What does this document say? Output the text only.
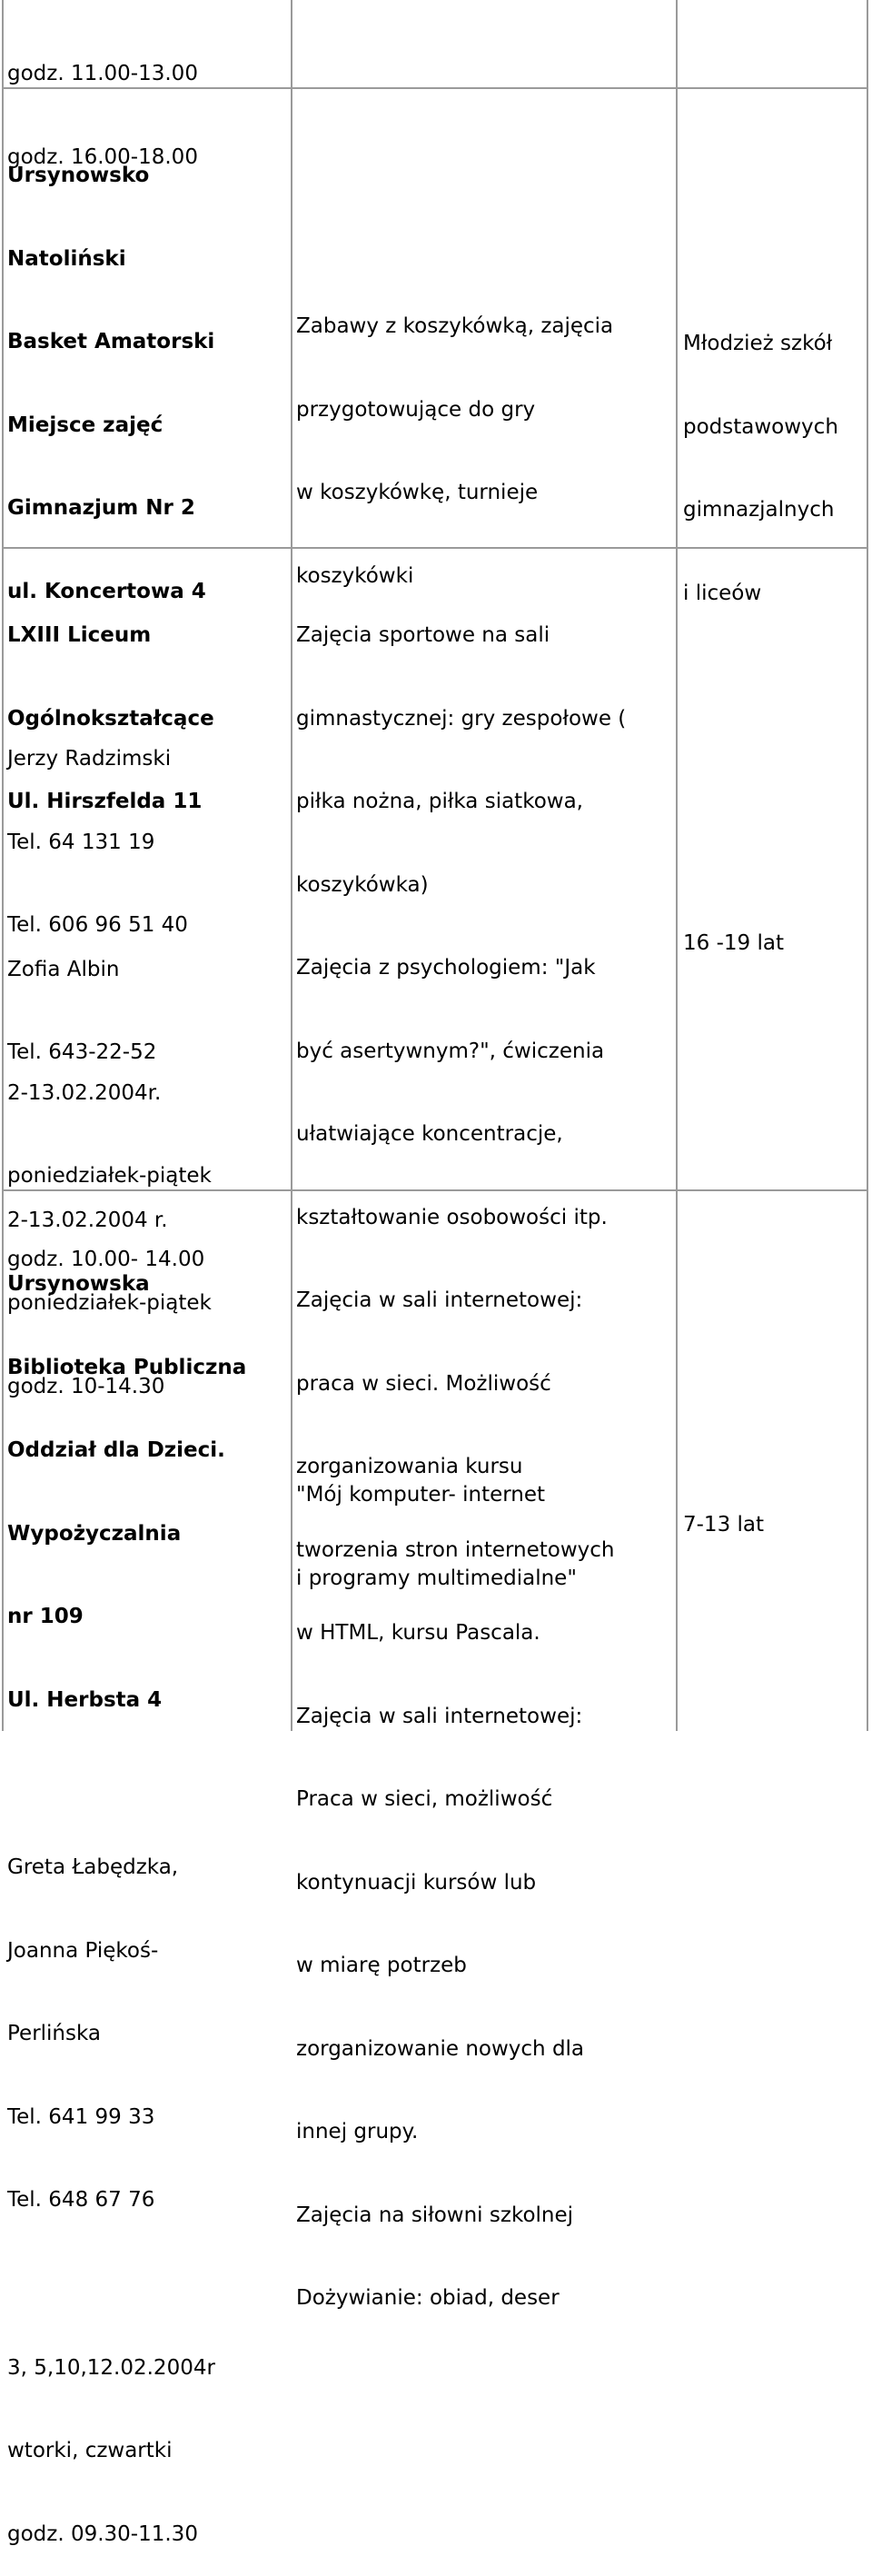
godz. 11.00-13.00

godz. 16.00-18.00

Ursynowsko

Natoliński

Basket Amatorski

Miejsce zajęć

Gimnazjum Nr 2

ul. Koncertowa 4

Jerzy Radzimski

Tel. 64 131 19

Tel. 606 96 51 40

2-13.02.2004r.

poniedziałek-piątek

godz. 10.00- 14.00

Zabawy z koszykówką, zajęcia

przygotowujące do gry

w koszykówkę, turnieje

koszykówki

Młodzież szkół

podstawowych

gimnazjalnych

i liceów

LXIII Liceum

Ogólnokształcące

Ul. Hirszfelda 11

Zofia Albin

Tel. 643-22-52

2-13.02.2004 r.

poniedziałek-piątek

godz. 10-14.30

Zajęcia sportowe na sali

gimnastycznej: gry zespołowe (

piłka nożna, piłka siatkowa,

koszykówka)

Zajęcia z psychologiem: "Jak

być asertywnym?", ćwiczenia

ułatwiające koncentracje,

kształtowanie osobowości itp.

Zajęcia w sali internetowej:

praca w sieci. Możliwość

zorganizowania kursu

tworzenia stron internetowych

w HTML, kursu Pascala.

Zajęcia w sali internetowej:

Praca w sieci, możliwość

kontynuacji kursów lub

w miarę potrzeb

zorganizowanie nowych dla

innej grupy.

Zajęcia na siłowni szkolnej

Dożywianie: obiad, deser

16 -19 lat

Ursynowska

Biblioteka Publiczna

Oddział dla Dzieci.

Wypożyczalnia

nr 109

Ul. Herbsta 4

Greta Łabędzka,

Joanna Piękoś-

Perlińska

Tel. 641 99 33

Tel. 648 67 76

3, 5,10,12.02.2004r

wtorki, czwartki

godz. 09.30-11.30

"Mój komputer- internet

i programy multimedialne"

7-13 lat
